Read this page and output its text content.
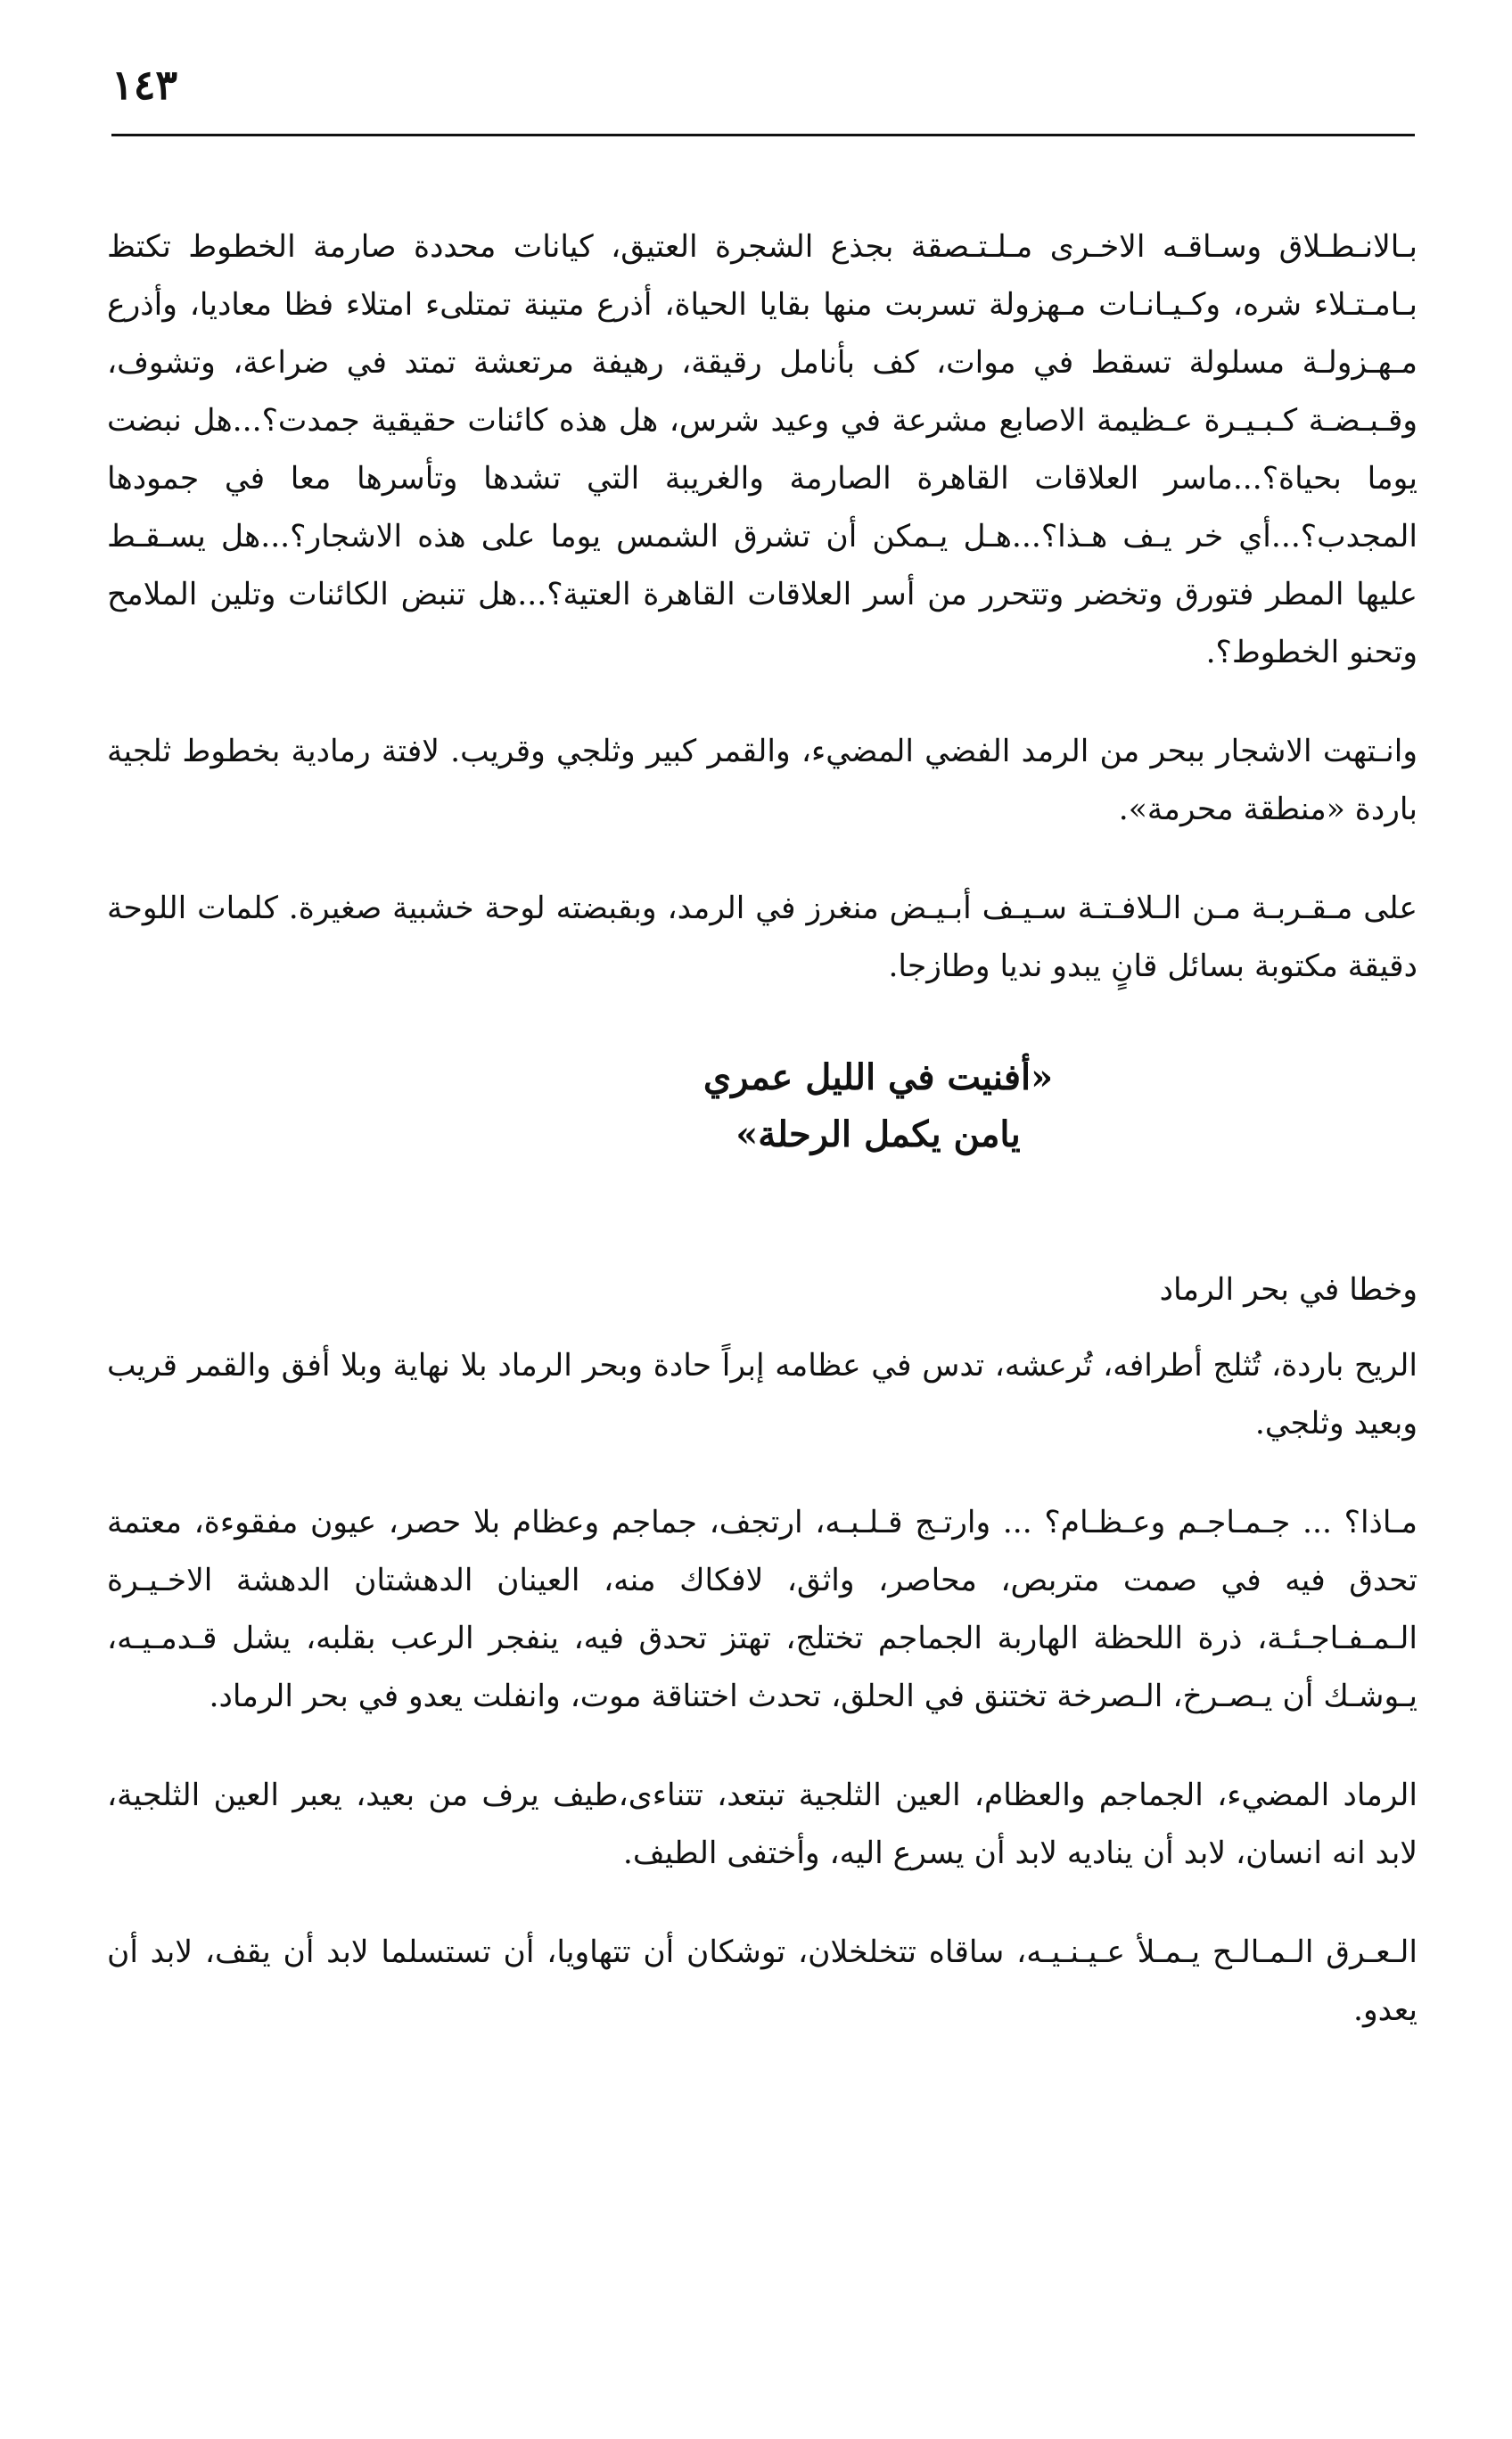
١٤٣

بـالانـطـلاق وسـاقـه الاخـرى مـلـتـصقة بجذع الشجرة العتيق، كيانات محددة صارمة الخطوط تكتظ بـامـتـلاء شره، وكـيـانـات مـهزولة تسربت منها بقايا الحياة، أذرع متينة تمتلىء امتلاء فظا معاديا، وأذرع مـهـزولـة مسلولة تسقط في موات، كف بأنامل رقيقة، رهيفة مرتعشة تمتد في ضراعة، وتشوف، وقـبـضـة كـبـيـرة عـظيمة الاصابع مشرعة في وعيد شرس، هل هذه كائنات حقيقية جمدت؟...هل نبضت يوما بحياة؟...ماسر العلاقات القاهرة الصارمة والغريبة التي تشدها وتأسرها معا في جمودها المجدب؟...أي خر يـف هـذا؟...هـل يـمكن أن تشرق الشمس يوما على هذه الاشجار؟...هل يسـقـط عليها المطر فتورق وتخضر وتتحرر من أسر العلاقات القاهرة العتية؟...هل تنبض الكائنات وتلين الملامح وتحنو الخطوط؟.

وانـتهت الاشجار ببحر من الرمد الفضي المضيء، والقمر كبير وثلجي وقريب. لافتة رمادية بخطوط ثلجية باردة «منطقة محرمة».

على مـقـربـة مـن الـلافـتـة سـيـف أبـيـض منغرز في الرمد، وبقبضته لوحة خشبية صغيرة. كلمات اللوحة دقيقة مكتوبة بسائل قانٍ يبدو نديا وطازجا.

«أفنيت في الليل عمري
يامن يكمل الرحلة»

وخطا في بحر الرماد

الريح باردة، تُثلج أطرافه، تُرعشه، تدس في عظامه إبراً حادة وبحر الرماد بلا نهاية وبلا أفق والقمر قريب وبعيد وثلجي.

مـاذا؟ ... جـمـاجـم وعـظـام؟ ... وارتـج قـلـبـه، ارتجف، جماجم وعظام بلا حصر، عيون مفقوءة، معتمة تحدق فيه في صمت متربص، محاصر، واثق، لافكاك منه، العينان الدهشتان الدهشة الاخـيـرة الـمـفـاجـئـة، ذرة اللحظة الهاربة الجماجم تختلج، تهتز تحدق فيه، ينفجر الرعب بقلبه، يشل قـدمـيـه، يـوشـك أن يـصـرخ، الـصرخة تختنق في الحلق، تحدث اختناقة موت، وانفلت يعدو في بحر الرماد.

الرماد المضيء، الجماجم والعظام، العين الثلجية تبتعد، تتناءى،طيف يرف من بعيد، يعبر العين الثلجية، لابد انه انسان، لابد أن يناديه لابد أن يسرع اليه، وأختفى الطيف.

الـعـرق الـمـالـح يـمـلأ عـيـنـيـه، ساقاه تتخلخلان، توشكان أن تتهاويا، أن تستسلما لابد أن يقف، لابد أن يعدو.
